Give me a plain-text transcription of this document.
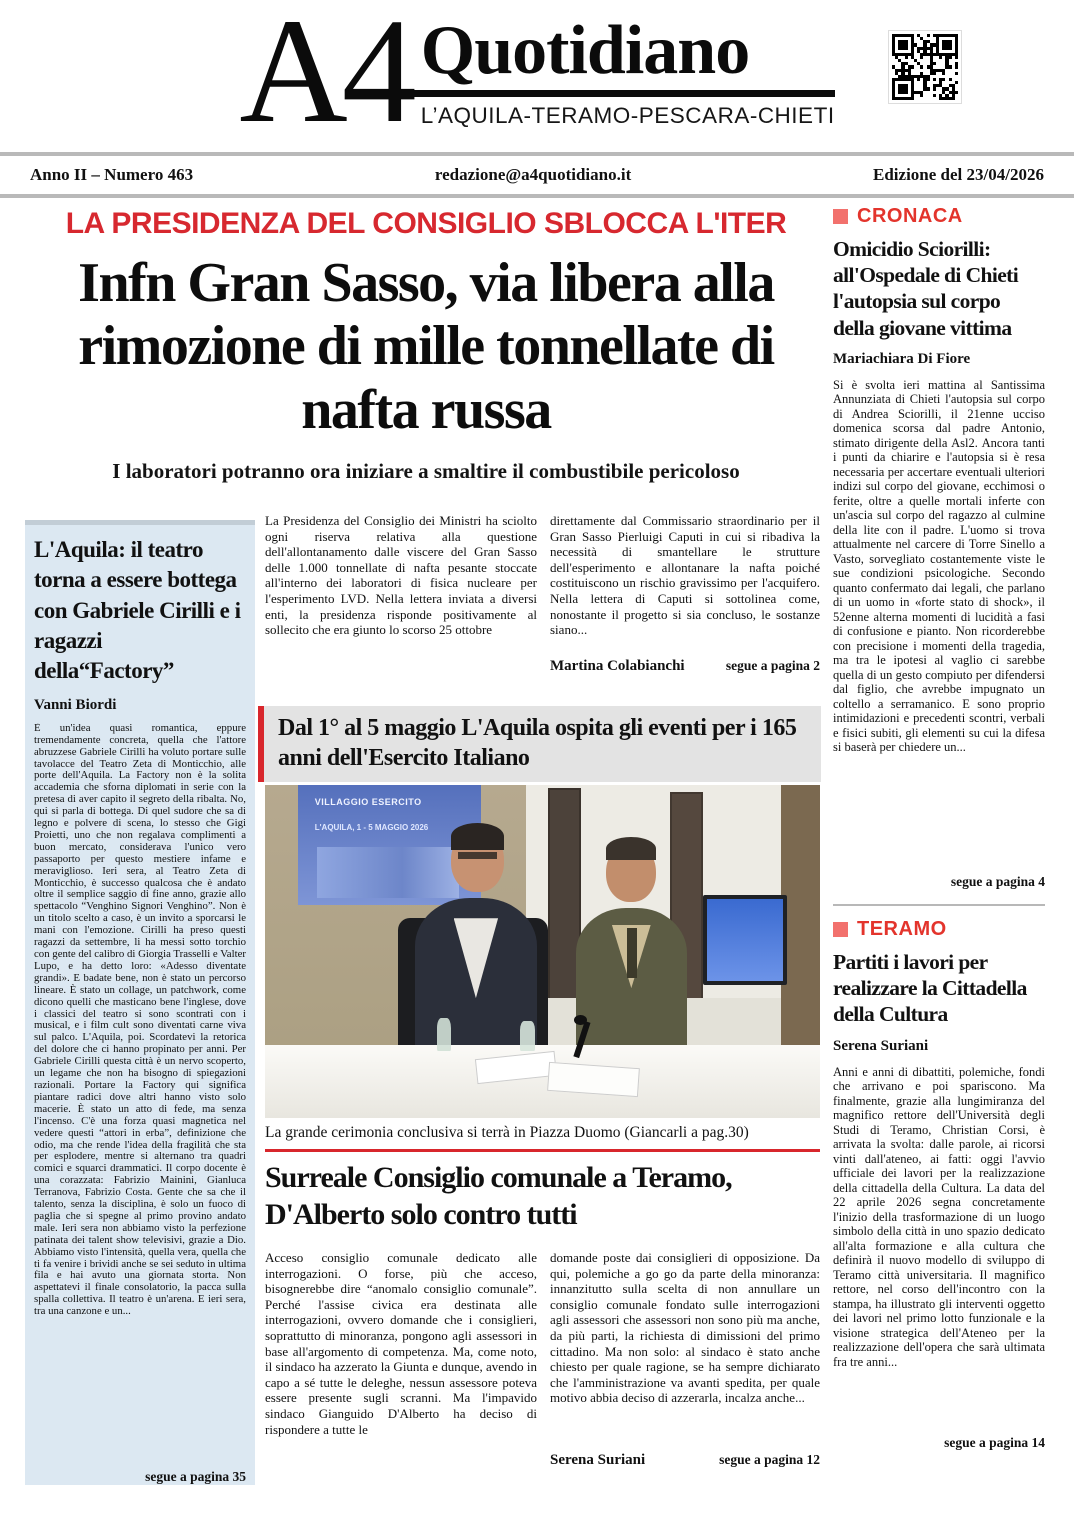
A4 Quotidiano
L’AQUILA-TERAMO-PESCARA-CHIETI
Anno II – Numero 463	redazione@a4quotidiano.it	Edizione del 23/04/2026
LA PRESIDENZA DEL CONSIGLIO SBLOCCA L'ITER
Infn Gran Sasso, via libera alla rimozione di mille tonnellate di nafta russa
I laboratori potranno ora iniziare a smaltire il combustibile pericoloso
La Presidenza del Consiglio dei Ministri ha sciolto ogni riserva relativa alla questione dell'allontanamento dalle viscere del Gran Sasso delle 1.000 tonnellate di nafta pesante stoccate all'interno dei laboratori di fisica nucleare per l'esperimento LVD. Nella lettera inviata a diversi enti, la presidenza risponde positivamente al sollecito che era giunto lo scorso 25 ottobre
direttamente dal Commissario straordinario per il Gran Sasso Pierluigi Caputi in cui si ribadiva la necessità di smantellare le strutture dell'esperimento e allontanare la nafta poiché costituiscono un rischio gravissimo per l'acquifero. Nella lettera di Caputi si sottolinea come, nonostante il progetto si sia concluso, le sostanze siano...
Martina Colabianchi	segue a pagina 2
L'Aquila: il teatro torna a essere bottega con Gabriele Cirilli e i ragazzi della“Factory”
Vanni Biordi
È un'idea quasi romantica, eppure tremendamente concreta, quella che l'attore abruzzese Gabriele Cirilli ha voluto portare sulle tavolacce del Teatro Zeta di Monticchio, alle porte dell'Aquila. La Factory non è la solita accademia che sforna diplomati in serie con la pretesa di aver capito il segreto della ribalta. No, qui si parla di bottega. Di quel sudore che sa di legno e polvere di scena, lo stesso che Gigi Proietti, uno che non regalava complimenti a buon mercato, considerava l'unico vero passaporto per questo mestiere infame e meraviglioso. Ieri sera, al Teatro Zeta di Monticchio, è successo qualcosa che è andato oltre il semplice saggio di fine anno, grazie allo spettacolo “Venghino Signori Venghino”. Non è un titolo scelto a caso, è un invito a sporcarsi le mani con l'emozione. Cirilli ha preso questi ragazzi da settembre, li ha messi sotto torchio con gente del calibro di Giorgia Trasselli e Valter Lupo, e ha detto loro: «Adesso diventate grandi». E badate bene, non è stato un percorso lineare. È stato un collage, un patchwork, come dicono quelli che masticano bene l'inglese, dove i classici del teatro si sono scontrati con i musical, e i film cult sono diventati carne viva sul palco. L'Aquila, poi. Scordatevi la retorica del dolore che ci hanno propinato per anni. Per Gabriele Cirilli questa città è un nervo scoperto, un legame che non ha bisogno di spiegazioni razionali. Portare la Factory qui significa piantare radici dove altri hanno visto solo macerie. È stato un atto di fede, ma senza l'incenso. C'è una forza quasi magnetica nel vedere questi “attori in erba”, definizione che odio, ma che rende l'idea della fragilità che sta per esplodere, mentre si alternano tra quadri comici e squarci drammatici. Il corpo docente è una corazzata: Fabrizio Mainini, Gianluca Terranova, Fabrizio Costa. Gente che sa che il talento, senza la disciplina, è solo un fuoco di paglia che si spegne al primo provino andato male. Ieri sera non abbiamo visto la perfezione patinata dei talent show televisivi, grazie a Dio. Abbiamo visto l'intensità, quella vera, quella che ti fa venire i brividi anche se sei seduto in ultima fila e hai avuto una giornata storta. Non aspettatevi il finale consolatorio, la pacca sulla spalla collettiva. Il teatro è un'arena. E ieri sera, tra una canzone e un...
segue a pagina 35
Dal 1° al 5 maggio L'Aquila ospita gli eventi per i 165 anni dell'Esercito Italiano
VILLAGGIO ESERCITO
L'AQUILA, 1 - 5 MAGGIO 2026
La grande cerimonia conclusiva si terrà in Piazza Duomo (Giancarli a pag.30)
Surreale Consiglio comunale a Teramo, D'Alberto solo contro tutti
Acceso consiglio comunale dedicato alle interrogazioni. O forse, più che acceso, bisognerebbe dire “anomalo consiglio comunale”. Perché l'assise civica era destinata alle interrogazioni, ovvero domande che i consiglieri, soprattutto di minoranza, pongono agli assessori in base all'argomento di competenza. Ma, come noto, il sindaco ha azzerato la Giunta e dunque, avendo in capo a sé tutte le deleghe, nessun assessore poteva essere presente sugli scranni. Ma l'impavido sindaco Gianguido D'Alberto ha deciso di rispondere a tutte le
domande poste dai consiglieri di opposizione. Da qui, polemiche a go go da parte della minoranza: innanzitutto sulla scelta di non annullare un consiglio comunale fondato sulle interrogazioni agli assessori che assessori non sono più ma anche, da più parti, la richiesta di dimissioni del primo cittadino. Ma non solo: al sindaco è stato anche chiesto per quale ragione, se ha sempre dichiarato che l'amministrazione va avanti spedita, per quale motivo abbia deciso di azzerarla, incalza anche...
Serena Suriani	segue a pagina 12
CRONACA
Omicidio Sciorilli: all'Ospedale di Chieti l'autopsia sul corpo della giovane vittima
Mariachiara Di Fiore
Si è svolta ieri mattina al Santissima Annunziata di Chieti l'autopsia sul corpo di Andrea Sciorilli, il 21enne ucciso domenica scorsa dal padre Antonio, stimato dirigente della Asl2. Ancora tanti i punti da chiarire e l'autopsia si è resa necessaria per accertare eventuali ulteriori indizi sul corpo del giovane, ecchimosi o ferite, oltre a quelle mortali inferte con un'ascia sul corpo del ragazzo al culmine della lite con il padre. L'uomo si trova attualmente nel carcere di Torre Sinello a Vasto, sorvegliato costantemente viste le sue condizioni psicologiche. Secondo quanto confermato dai legali, che parlano di un uomo in «forte stato di shock», il 52enne alterna momenti di lucidità a fasi di confusione e pianto. Non ricorderebbe con precisione i momenti della tragedia, ma tra le ipotesi al vaglio ci sarebbe quella di un gesto compiuto per difendersi dal figlio, che avrebbe impugnato un coltello a serramanico. E sono proprio intimidazioni e precedenti scontri, verbali e fisici subiti, gli elementi su cui la difesa si baserà per chiedere un...
segue a pagina 4
TERAMO
Partiti i lavori per realizzare la Cittadella della Cultura
Serena Suriani
Anni e anni di dibattiti, polemiche, fondi che arrivano e poi spariscono. Ma finalmente, grazie alla lungimiranza del magnifico rettore dell'Università degli Studi di Teramo, Christian Corsi, è arrivata la svolta: dalle parole, ai ricorsi vinti dall'ateneo, ai fatti: oggi l'avvio ufficiale dei lavori per la realizzazione della cittadella della Cultura. La data del 22 aprile 2026 segna concretamente l'inizio della trasformazione di un luogo simbolo della città in uno spazio dedicato all'alta formazione e alla cultura che definirà il nuovo modello di sviluppo di Teramo città universitaria. Il magnifico rettore, nel corso dell'incontro con la stampa, ha illustrato gli interventi oggetto dei lavori nel primo lotto funzionale e la visione strategica dell'Ateneo per la realizzazione dell'opera che sarà ultimata fra tre anni...
segue a pagina 14
